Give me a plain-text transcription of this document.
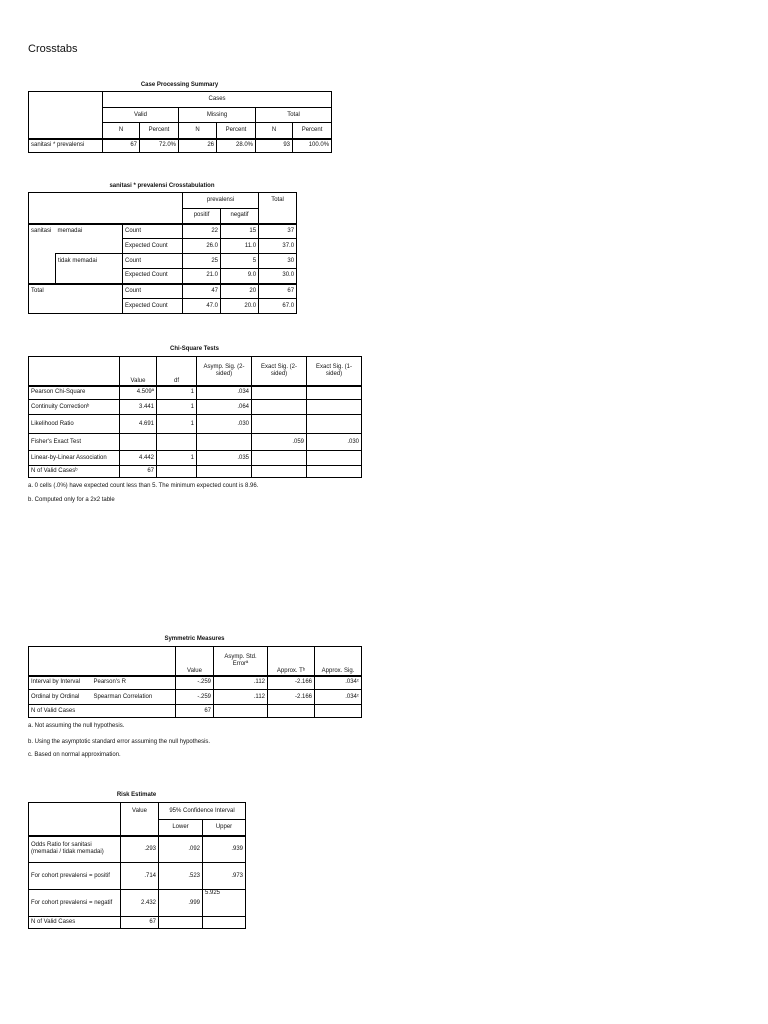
Crosstabs
Case Processing Summary
	Cases					
	Valid		Missing		Total	
	N	Percent	N	Percent	N	Percent
sanitasi * prevalensi	67	72.0%	26	28.0%	93	100.0%
sanitasi * prevalensi Crosstabulation
			prevalensi		Total
			positif	negatif	
sanitasi	memadai	Count	22	15	37
		Expected Count	26.0	11.0	37.0
	tidak memadai	Count	25	5	30
		Expected Count	21.0	9.0	30.0
Total		Count	47	20	67
		Expected Count	47.0	20.0	67.0
Chi-Square Tests
	Value	df	Asymp. Sig. (2-sided)	Exact Sig. (2-sided)	Exact Sig. (1-sided)
Pearson Chi-Square	4.509ª	1	.034		
Continuity Correctionᵇ	3.441	1	.064		
Likelihood Ratio	4.691	1	.030		
Fisher's Exact Test				.059	.030
Linear-by-Linear Association	4.442	1	.035		
N of Valid Casesᵇ	67				
a. 0 cells (.0%) have expected count less than 5. The minimum expected count is 8.96.
b. Computed only for a 2x2 table
Symmetric Measures
		Value	Asymp. Std. Errorª	Approx. Tᵇ	Approx. Sig.
Interval by Interval	Pearson's R	-.259	.112	-2.166	.034ᶜ
Ordinal by Ordinal	Spearman Correlation	-.259	.112	-2.166	.034ᶜ
N of Valid Cases		67			
a. Not assuming the null hypothesis.
b. Using the asymptotic standard error assuming the null hypothesis.
c. Based on normal approximation.
Risk Estimate
	Value	95% Confidence Interval	
		Lower	Upper
Odds Ratio for sanitasi (memadai / tidak memadai)	.293	.092	.939
For cohort prevalensi = positif	.714	.523	.973
For cohort prevalensi = negatif	2.432	.999	5.925
N of Valid Cases	67		
